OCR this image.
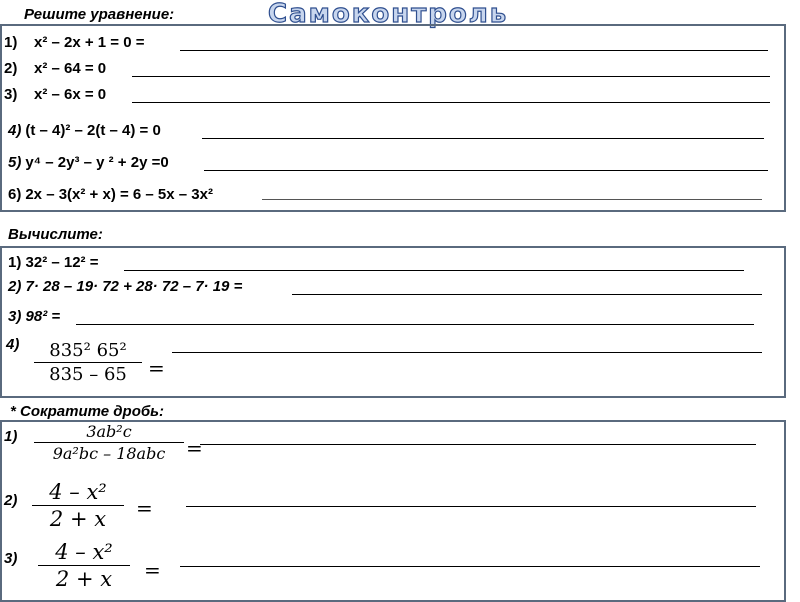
Решите уравнение:	Самоконтроль
1)	x² – 2x + 1 = 0 =
2)	x² – 64 = 0
3)	x² – 6x = 0
4) (t – 4)² – 2(t – 4) = 0
5) y⁴ – 2y³ – y ² + 2y =0
6) 2x – 3(x² + x) = 6 – 5x – 3x²
Вычислите:
1) 32² – 12² =
2) 7· 28 – 19· 72 + 28· 72 – 7· 19 =
3) 98² =
4)	835² 65²
835 – 65	=
* Сократите дробь:
1)	3ab²c
9a²bc – 18abc	=
2)	4 – x²
2 + x	=
3)	4 – x²
2 + x	=
